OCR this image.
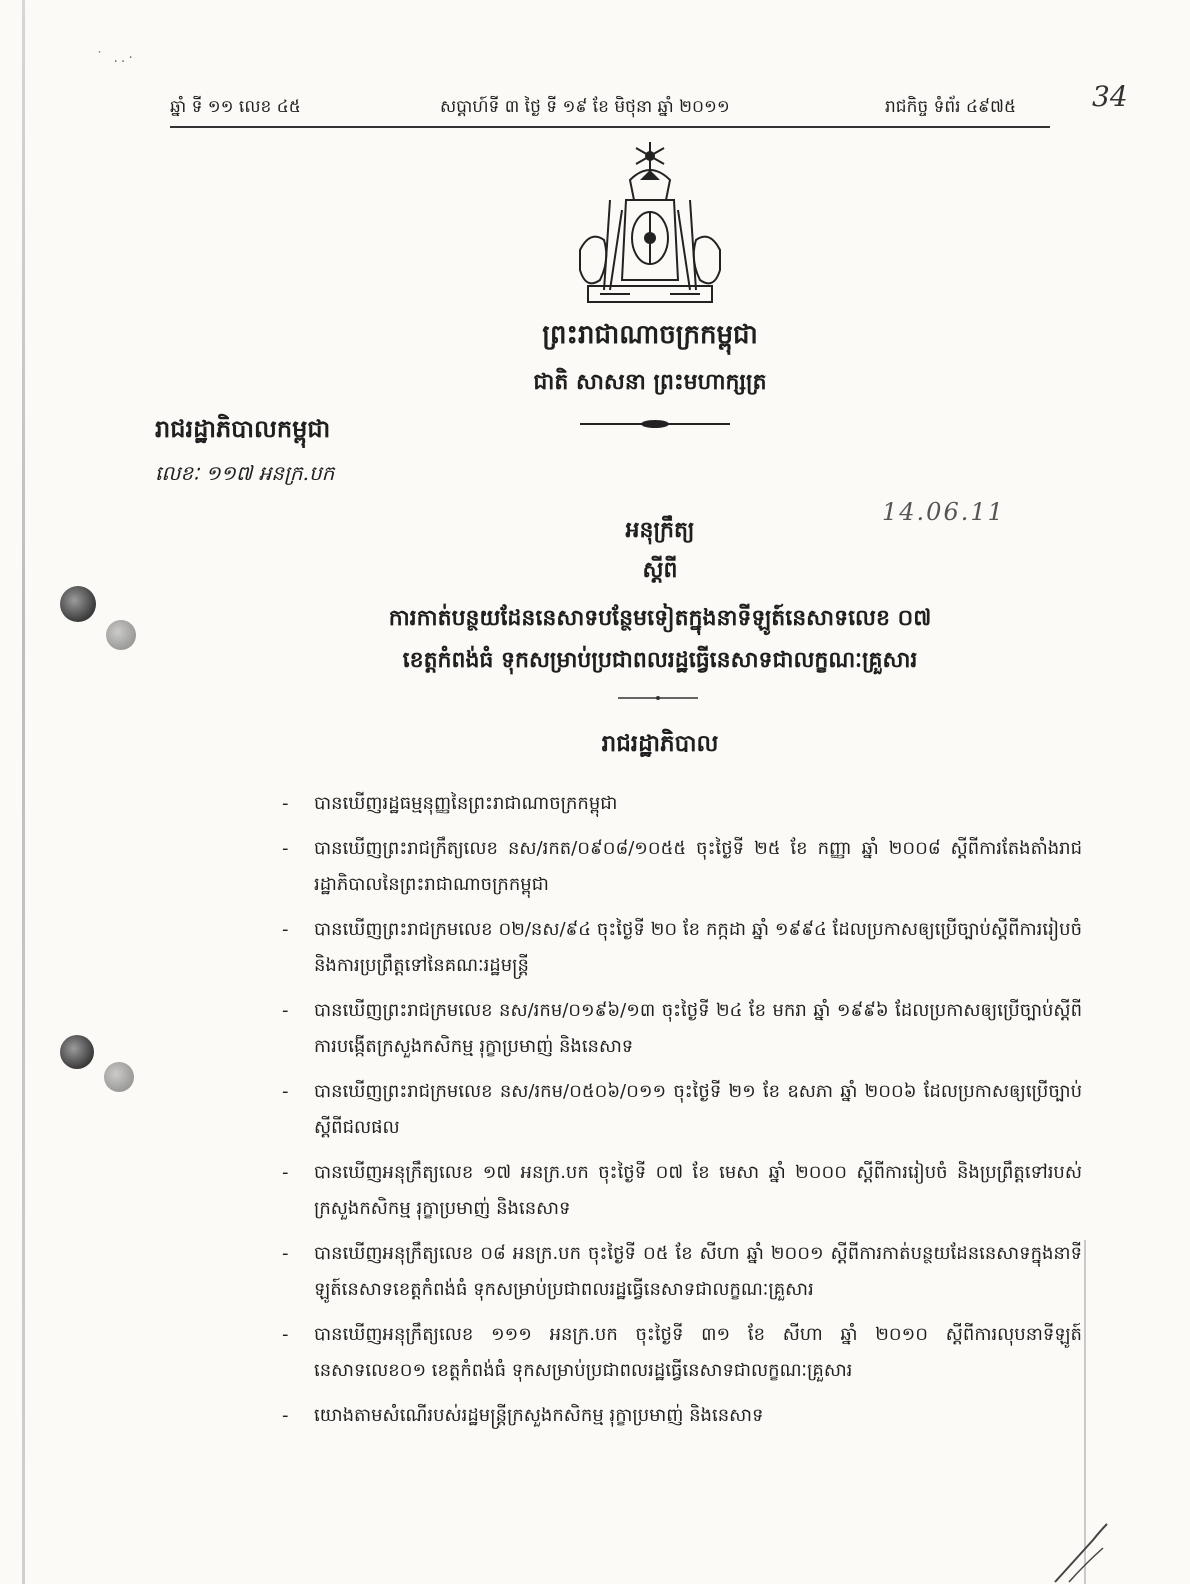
˙ ..·
ឆ្នាំ ទី ១១ លេខ ៤៥	សប្តាហ៍ទី ៣ ថ្ងៃ ទី ១៩ ខែ មិថុនា ឆ្នាំ ២០១១	រាជកិច្ច ទំព័រ ៤៩៧៥	34
ព្រះរាជាណាចក្រកម្ពុជា
ជាតិ សាសនា ព្រះមហាក្សត្រ
រាជរដ្ឋាភិបាលកម្ពុជា
លេខៈ ១១៧ អនក្រ.បក
14.06.11
អនុក្រឹត្យ
ស្តីពី
ការកាត់បន្ថយដែននេសាទបន្ថែមទៀតក្នុងនាទីឡូត៍នេសាទលេខ ០៧
ខេត្តកំពង់ធំ ទុកសម្រាប់ប្រជាពលរដ្ឋធ្វើនេសាទជាលក្ខណៈគ្រួសារ
រាជរដ្ឋាភិបាល
- បានឃើញរដ្ឋធម្មនុញ្ញនៃព្រះរាជាណាចក្រកម្ពុជា
- បានឃើញព្រះរាជក្រឹត្យលេខ នស/រកត/០៩០៨/១០៥៥ ចុះថ្ងៃទី ២៥ ខែ កញ្ញា ឆ្នាំ ២០០៨ ស្តីពីការតែងតាំងរាជរដ្ឋាភិបាលនៃព្រះរាជាណាចក្រកម្ពុជា
- បានឃើញព្រះរាជក្រមលេខ ០២/នស/៩៤ ចុះថ្ងៃទី ២០ ខែ កក្កដា ឆ្នាំ ១៩៩៤ ដែលប្រកាសឲ្យប្រើច្បាប់ស្តីពីការរៀបចំ និងការប្រព្រឹត្តទៅនៃគណៈរដ្ឋមន្ត្រី
- បានឃើញព្រះរាជក្រមលេខ នស/រកម/០១៩៦/១៣ ចុះថ្ងៃទី ២៤ ខែ មករា ឆ្នាំ ១៩៩៦ ដែលប្រកាសឲ្យប្រើច្បាប់ស្តីពីការបង្កើតក្រសួងកសិកម្ម រុក្ខាប្រមាញ់ និងនេសាទ
- បានឃើញព្រះរាជក្រមលេខ នស/រកម/០៥០៦/០១១ ចុះថ្ងៃទី ២១ ខែ ឧសភា ឆ្នាំ ២០០៦ ដែលប្រកាសឲ្យប្រើច្បាប់ស្តីពីជលផល
- បានឃើញអនុក្រឹត្យលេខ ១៧ អនក្រ.បក ចុះថ្ងៃទី ០៧ ខែ មេសា ឆ្នាំ ២០០០ ស្តីពីការរៀបចំ និងប្រព្រឹត្តទៅរបស់ក្រសួងកសិកម្ម រុក្ខាប្រមាញ់ និងនេសាទ
- បានឃើញអនុក្រឹត្យលេខ ០៨ អនក្រ.បក ចុះថ្ងៃទី ០៥ ខែ សីហា ឆ្នាំ ២០០១ ស្តីពីការកាត់បន្ថយដែននេសាទក្នុងនាទីឡូត៍នេសាទខេត្តកំពង់ធំ ទុកសម្រាប់ប្រជាពលរដ្ឋធ្វើនេសាទជាលក្ខណៈគ្រួសារ
- បានឃើញអនុក្រឹត្យលេខ ១១១ អនក្រ.បក ចុះថ្ងៃទី ៣១ ខែ សីហា ឆ្នាំ ២០១០ ស្តីពីការលុបនាទីឡូត៍នេសាទលេខ០១ ខេត្តកំពង់ធំ ទុកសម្រាប់ប្រជាពលរដ្ឋធ្វើនេសាទជាលក្ខណៈគ្រួសារ
- យោងតាមសំណើរបស់រដ្ឋមន្ត្រីក្រសួងកសិកម្ម រុក្ខាប្រមាញ់ និងនេសាទ
